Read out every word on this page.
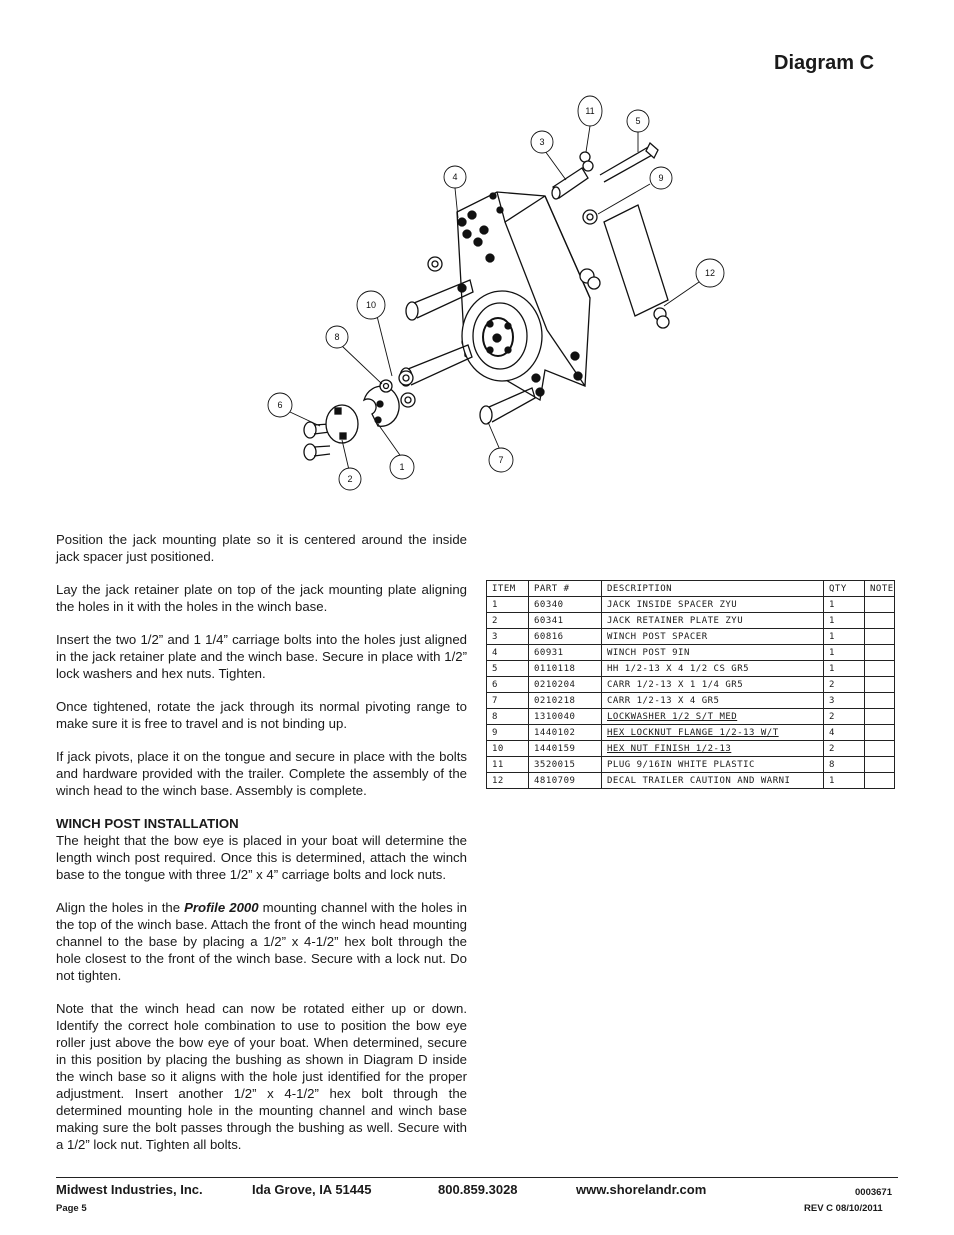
Diagram C
11
3
5
9
4
12
10
8
6
2
1
7

Position the jack mounting plate so it is centered around the inside jack spacer just positioned.

Lay the jack retainer plate on top of the jack mounting plate aligning the holes in it with the holes in the winch base.

Insert the two 1/2” and 1 1/4” carriage bolts into the holes just aligned in the jack retainer plate and the winch base. Secure in place with 1/2” lock washers and hex nuts. Tighten.

Once tightened, rotate the jack through its normal pivoting range to make sure it is free to travel and is not binding up.

If jack pivots, place it on the tongue and secure in place with the bolts and hardware provided with the trailer. Complete the assembly of the winch head to the winch base. Assembly is complete.

WINCH POST INSTALLATION

The height that the bow eye is placed in your boat will determine the length winch post required. Once this is determined, attach the winch base to the tongue with three 1/2” x 4” carriage bolts and lock nuts.

Align the holes in the Profile 2000 mounting channel with the holes in the top of the winch base. Attach the front of the winch head mounting channel to the base by placing a 1/2” x 4-1/2” hex bolt through the hole closest to the front of the winch base. Secure with a lock nut. Do not tighten.

Note that the winch head can now be rotated either up or down. Identify the correct hole combination to use to position the bow eye roller just above the bow eye of your boat. When determined, secure in this position by placing the bushing as shown in Diagram D inside the winch base so it aligns with the hole just identified for the proper adjustment. Insert another 1/2” x 4-1/2” hex bolt through the determined mounting hole in the mounting channel and winch base making sure the bolt passes through the bushing as well. Secure with a 1/2” lock nut. Tighten all bolts.

ITEM	PART #	DESCRIPTION	QTY	NOTE
1	60340	JACK INSIDE SPACER ZYU	1	
2	60341	JACK RETAINER PLATE ZYU	1	
3	60816	WINCH POST SPACER	1	
4	60931	WINCH POST 9IN	1	
5	0110118	HH 1/2-13 X 4 1/2 CS GR5	1	
6	0210204	CARR 1/2-13 X 1 1/4 GR5	2	
7	0210218	CARR 1/2-13 X 4 GR5	3	
8	1310040	LOCKWASHER 1/2 S/T MED	2	
9	1440102	HEX LOCKNUT FLANGE 1/2-13 W/T	4	
10	1440159	HEX NUT FINISH 1/2-13	2	
11	3520015	PLUG 9/16IN WHITE PLASTIC	8	
12	4810709	DECAL TRAILER CAUTION AND WARNI	1	
Midwest Industries, Inc.	Ida Grove, IA 51445	800.859.3028	www.shorelandr.com	0003671
Page 5	REV C 08/10/2011
